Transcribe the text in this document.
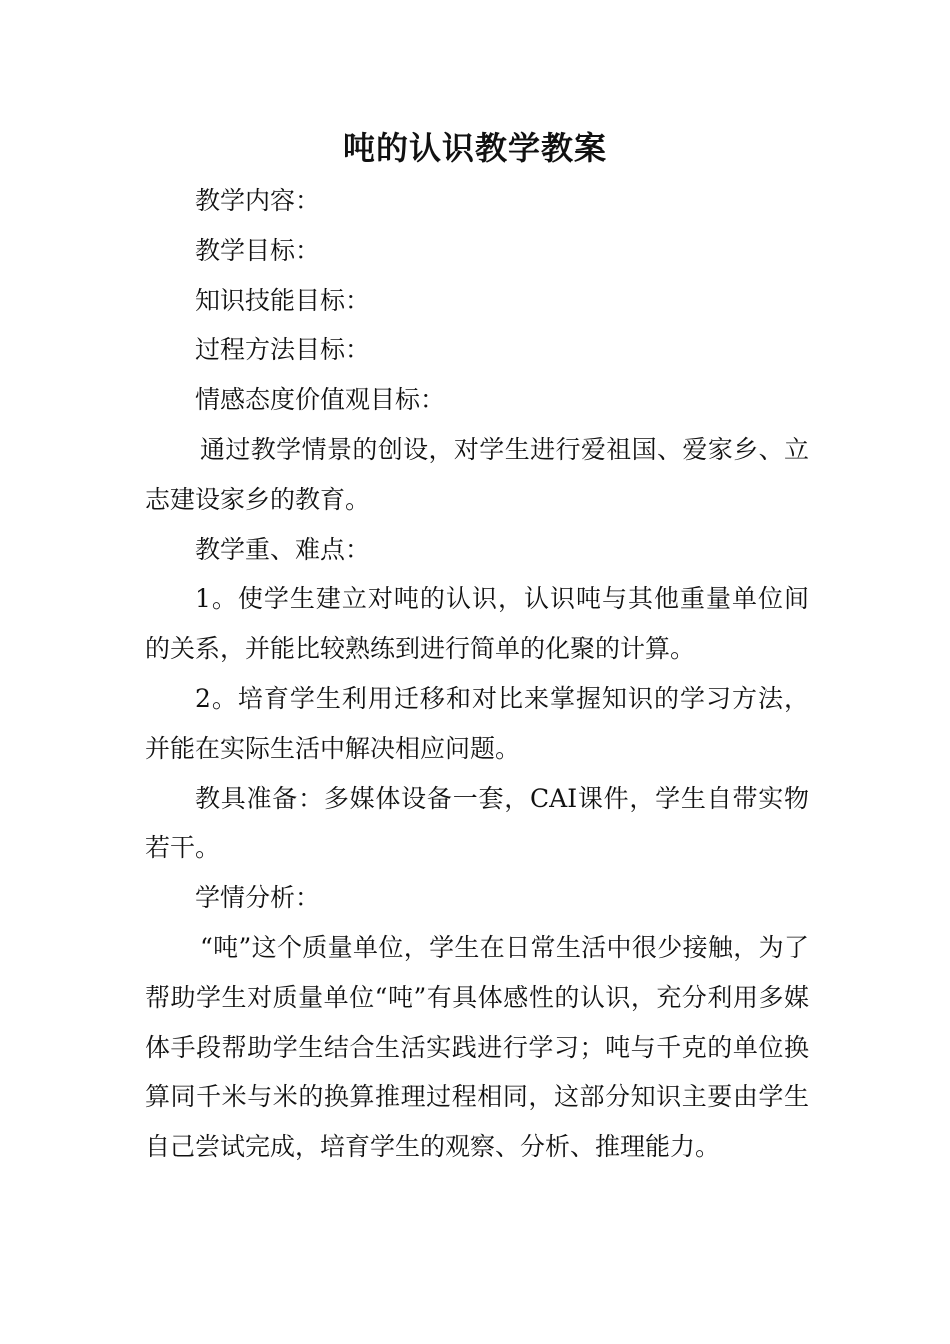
吨的认识教学教案

教学内容：

教学目标：

知识技能目标：

过程方法目标：

情感态度价值观目标：

通过教学情景的创设，对学生进行爱祖国、爱家乡、立志建设家乡的教育。

教学重、难点：

1。使学生建立对吨的认识，认识吨与其他重量单位间的关系，并能比较熟练到进行简单的化聚的计算。

2。培育学生利用迁移和对比来掌握知识的学习方法，并能在实际生活中解决相应问题。

教具准备：多媒体设备一套，CAI课件，学生自带实物若干。

学情分析：

“吨”这个质量单位，学生在日常生活中很少接触，为了帮助学生对质量单位“吨”有具体感性的认识，充分利用多媒体手段帮助学生结合生活实践进行学习；吨与千克的单位换算同千米与米的换算推理过程相同，这部分知识主要由学生自己尝试完成，培育学生的观察、分析、推理能力。
